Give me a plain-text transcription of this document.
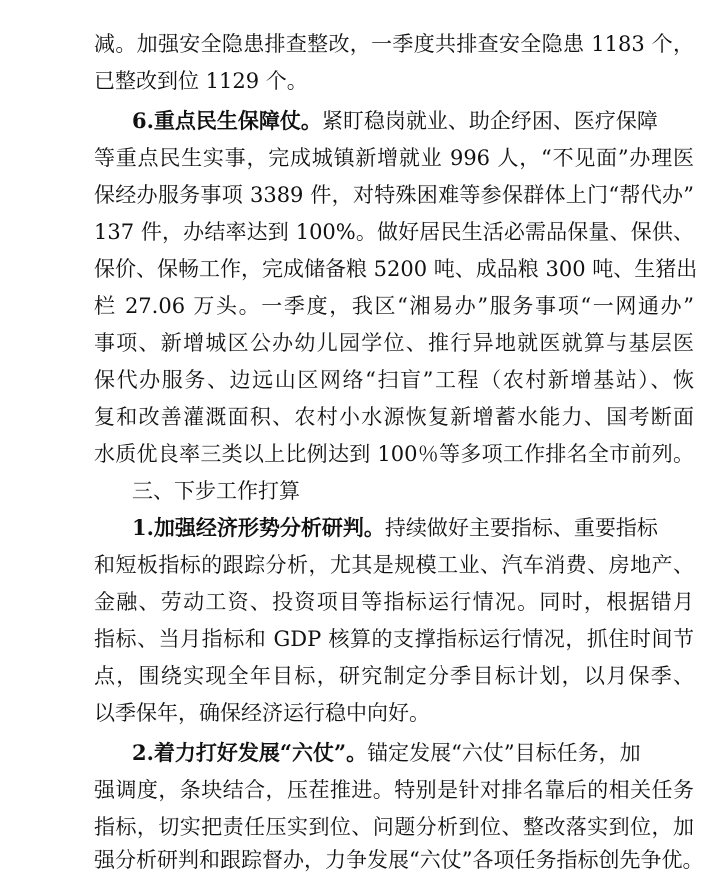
减。加强安全隐患排查整改，一季度共排查安全隐患 1183 个，
已整改到位 1129 个。
6.重点民生保障仗。紧盯稳岗就业、助企纾困、医疗保障
等重点民生实事，完成城镇新增就业 996 人，“不见面”办理医
保经办服务事项 3389 件，对特殊困难等参保群体上门“帮代办”
137 件，办结率达到 100%。做好居民生活必需品保量、保供、
保价、保畅工作，完成储备粮 5200 吨、成品粮 300 吨、生猪出
栏 27.06 万头。一季度，我区“湘易办”服务事项“一网通办”
事项、新增城区公办幼儿园学位、推行异地就医就算与基层医
保代办服务、边远山区网络“扫盲”工程（农村新增基站）、恢
复和改善灌溉面积、农村小水源恢复新增蓄水能力、国考断面
水质优良率三类以上比例达到 100％等多项工作排名全市前列。
三、下步工作打算
1.加强经济形势分析研判。持续做好主要指标、重要指标
和短板指标的跟踪分析，尤其是规模工业、汽车消费、房地产、
金融、劳动工资、投资项目等指标运行情况。同时，根据错月
指标、当月指标和 GDP 核算的支撑指标运行情况，抓住时间节
点，围绕实现全年目标，研究制定分季目标计划，以月保季、
以季保年，确保经济运行稳中向好。
2.着力打好发展“六仗”。锚定发展“六仗”目标任务，加
强调度，条块结合，压茬推进。特别是针对排名靠后的相关任务
指标，切实把责任压实到位、问题分析到位、整改落实到位，加
强分析研判和跟踪督办，力争发展“六仗”各项任务指标创先争优。
